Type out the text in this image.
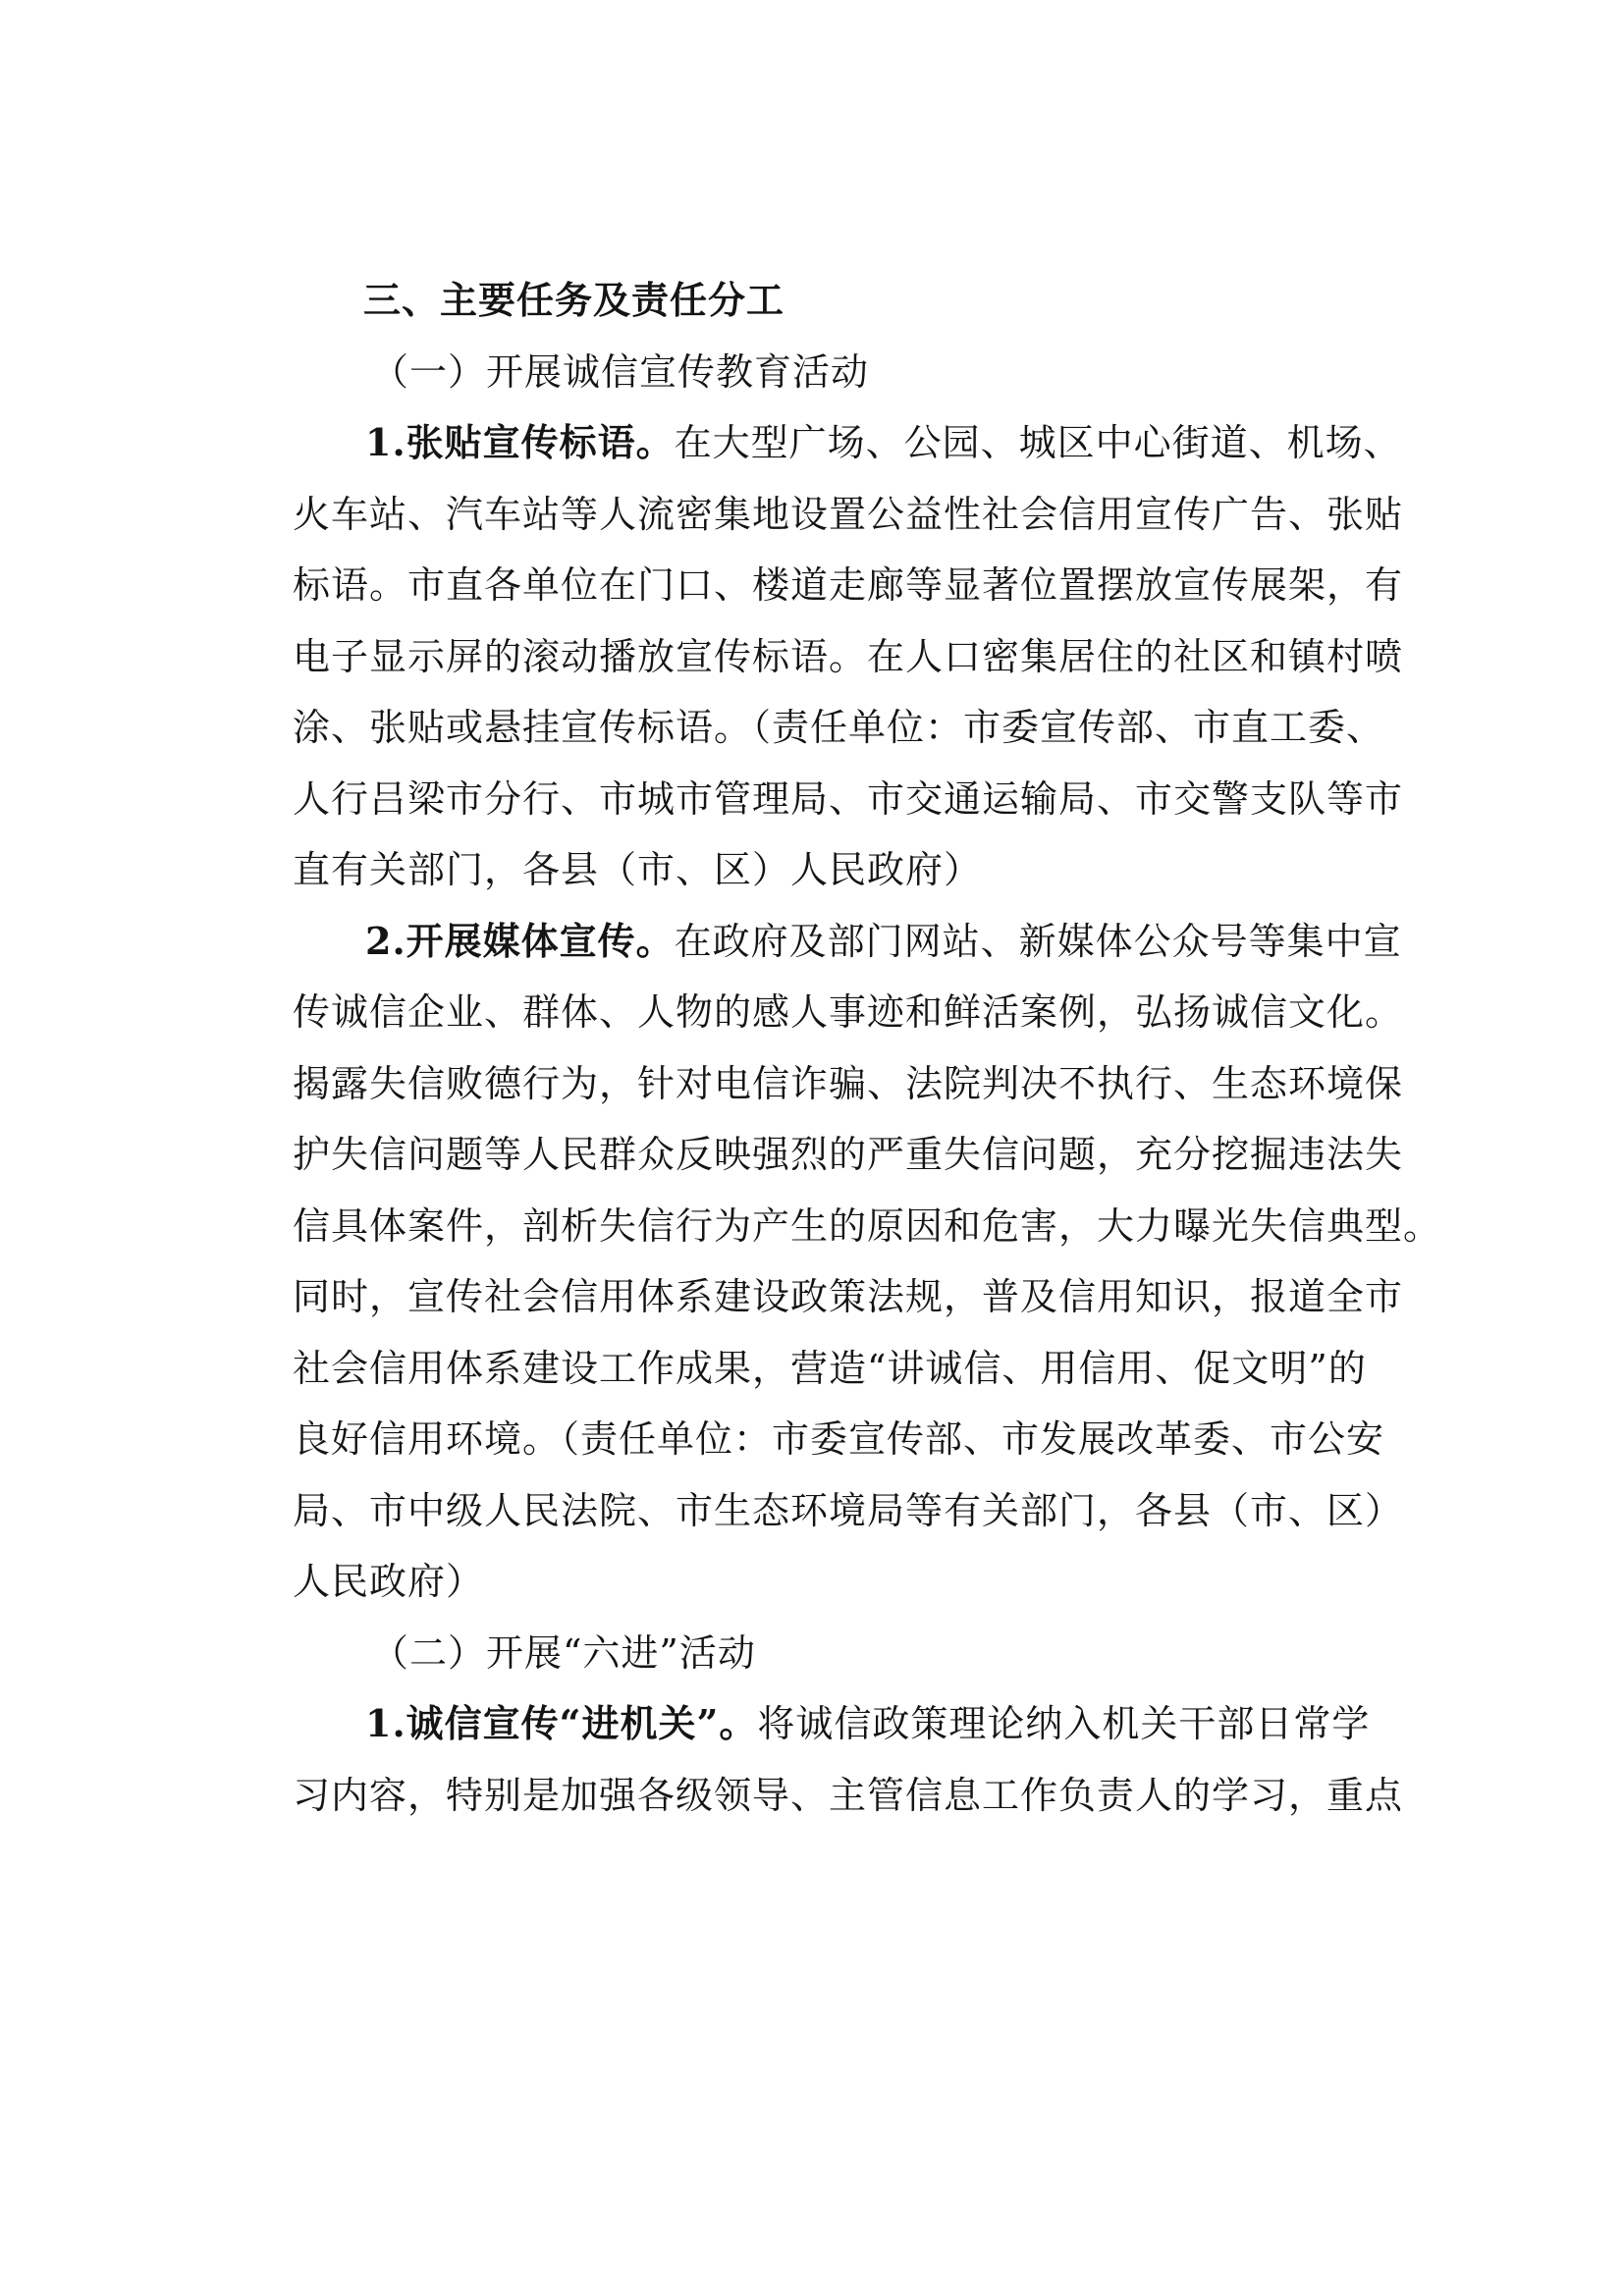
三、主要任务及责任分工
（一）开展诚信宣传教育活动
1.张贴宣传标语。在大型广场、公园、城区中心街道、机场、
火车站、汽车站等人流密集地设置公益性社会信用宣传广告、张贴
标语。市直各单位在门口、楼道走廊等显著位置摆放宣传展架，有
电子显示屏的滚动播放宣传标语。在人口密集居住的社区和镇村喷
涂、张贴或悬挂宣传标语。（责任单位：市委宣传部、市直工委、
人行吕梁市分行、市城市管理局、市交通运输局、市交警支队等市
直有关部门，各县（市、区）人民政府）
2.开展媒体宣传。在政府及部门网站、新媒体公众号等集中宣
传诚信企业、群体、人物的感人事迹和鲜活案例，弘扬诚信文化。
揭露失信败德行为，针对电信诈骗、法院判决不执行、生态环境保
护失信问题等人民群众反映强烈的严重失信问题，充分挖掘违法失
信具体案件，剖析失信行为产生的原因和危害，大力曝光失信典型。
同时，宣传社会信用体系建设政策法规，普及信用知识，报道全市
社会信用体系建设工作成果，营造“讲诚信、用信用、促文明”的
良好信用环境。（责任单位：市委宣传部、市发展改革委、市公安
局、市中级人民法院、市生态环境局等有关部门，各县（市、区）
人民政府）
（二）开展“六进”活动
1.诚信宣传“进机关”。将诚信政策理论纳入机关干部日常学
习内容，特别是加强各级领导、主管信息工作负责人的学习，重点
